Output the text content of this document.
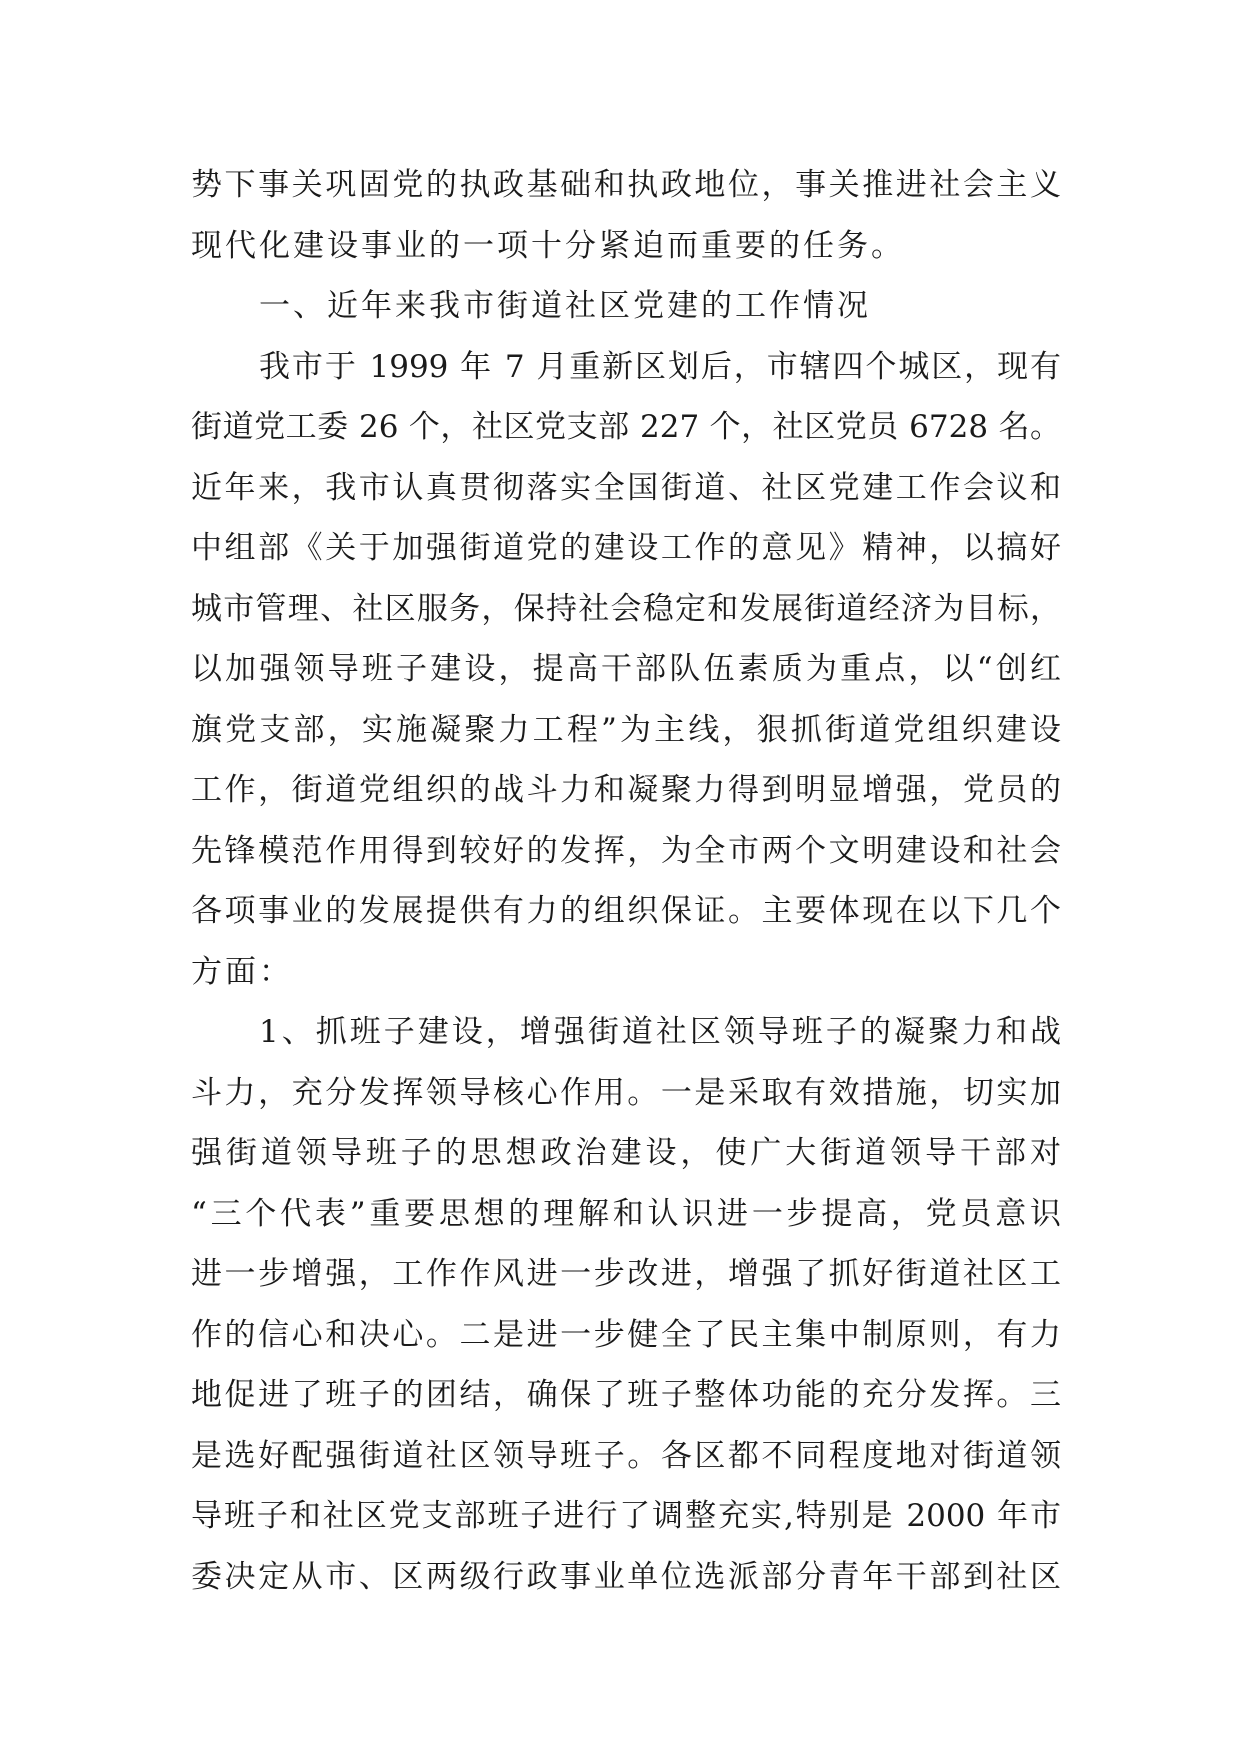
势下事关巩固党的执政基础和执政地位，事关推进社会主义
现代化建设事业的一项十分紧迫而重要的任务。
一、近年来我市街道社区党建的工作情况
我市于 1999 年 7 月重新区划后，市辖四个城区，现有
街道党工委 26 个，社区党支部 227 个，社区党员 6728 名。
近年来，我市认真贯彻落实全国街道、社区党建工作会议和
中组部《关于加强街道党的建设工作的意见》精神，以搞好
城市管理、社区服务，保持社会稳定和发展街道经济为目标，
以加强领导班子建设，提高干部队伍素质为重点，以“创红
旗党支部，实施凝聚力工程”为主线，狠抓街道党组织建设
工作，街道党组织的战斗力和凝聚力得到明显增强，党员的
先锋模范作用得到较好的发挥，为全市两个文明建设和社会
各项事业的发展提供有力的组织保证。主要体现在以下几个
方面：
1、抓班子建设，增强街道社区领导班子的凝聚力和战
斗力，充分发挥领导核心作用。一是采取有效措施，切实加
强街道领导班子的思想政治建设，使广大街道领导干部对
“三个代表”重要思想的理解和认识进一步提高，党员意识
进一步增强，工作作风进一步改进，增强了抓好街道社区工
作的信心和决心。二是进一步健全了民主集中制原则，有力
地促进了班子的团结，确保了班子整体功能的充分发挥。三
是选好配强街道社区领导班子。各区都不同程度地对街道领
导班子和社区党支部班子进行了调整充实,特别是 2000 年市
委决定从市、区两级行政事业单位选派部分青年干部到社区
